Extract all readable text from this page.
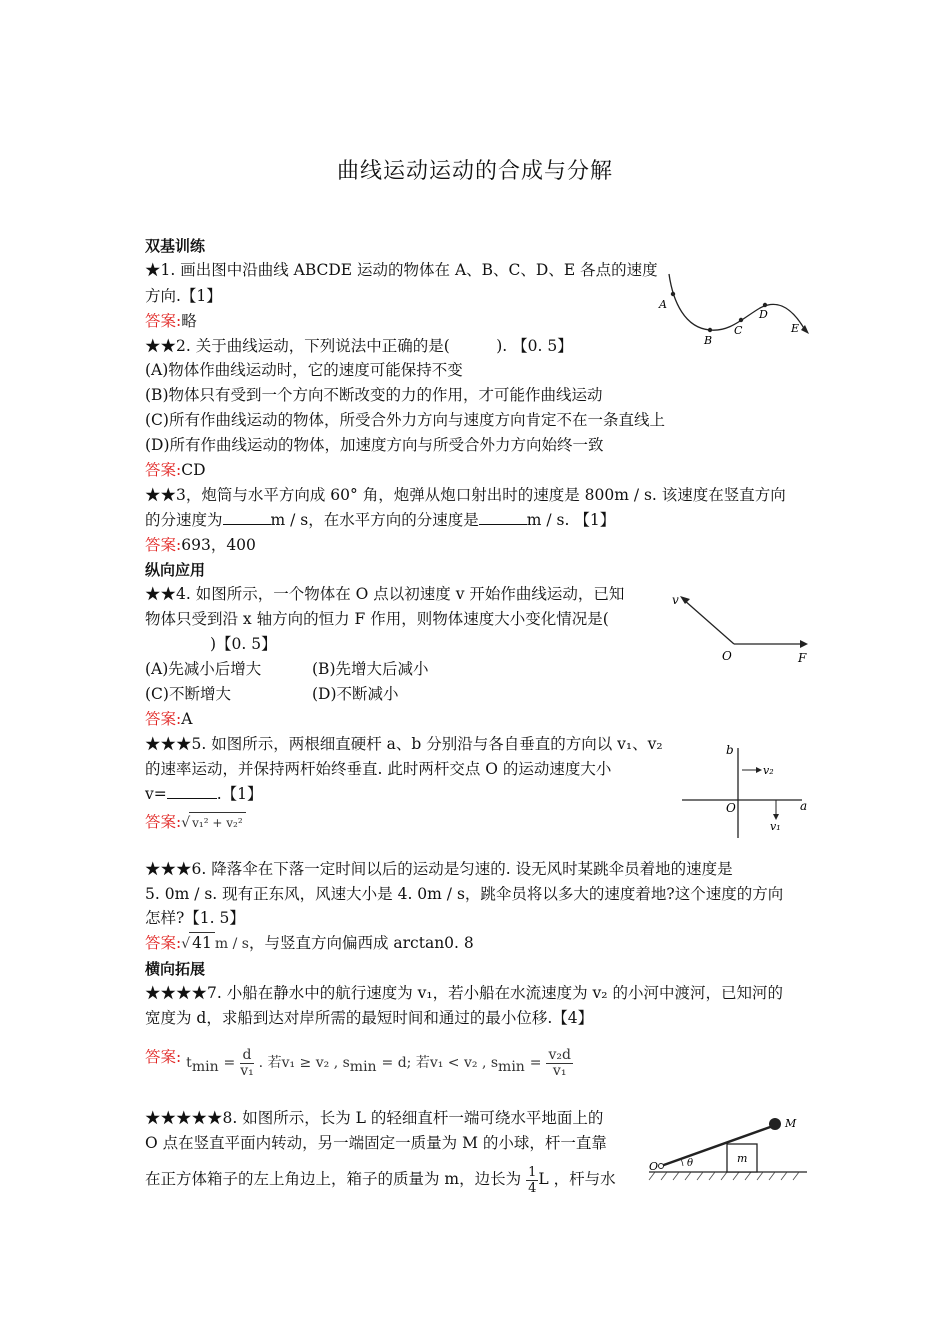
曲线运动运动的合成与分解
双基训练
★1. 画出图中沿曲线 ABCDE 运动的物体在 A、B、C、D、E 各点的速度
方向.【1】
答案:略
A
B
C
D
E
★★2. 关于曲线运动，下列说法中正确的是(　　　). 【0. 5】
(A)物体作曲线运动时，它的速度可能保持不变
(B)物体只有受到一个方向不断改变的力的作用，才可能作曲线运动
(C)所有作曲线运动的物体，所受合外力方向与速度方向肯定不在一条直线上
(D)所有作曲线运动的物体，加速度方向与所受合外力方向始终一致
答案:CD
★★3，炮筒与水平方向成 60° 角，炮弹从炮口射出时的速度是 800m / s. 该速度在竖直方向
的分速度为	m / s，在水平方向的分速度是	m / s. 【1】
答案:693，400
纵向应用
★★4. 如图所示，一个物体在 O 点以初速度 v 开始作曲线运动，已知
物体只受到沿 x 轴方向的恒力 F 作用，则物体速度大小变化情况是(
)【0. 5】
(A)先减小后增大	(B)先增大后减小
(C)不断增大	(D)不断减小
答案:A
v
O	F
★★★5. 如图所示，两根细直硬杆 a、b 分别沿与各自垂直的方向以 v₁、v₂
的速率运动，并保持两杆始终垂直. 此时两杆交点 O 的运动速度大小
v=	.【1】
答案:√ v₁² + v₂²
b
v₂
O	a
v₁
★★★6. 降落伞在下落一定时间以后的运动是匀速的. 设无风时某跳伞员着地的速度是
5. 0m / s. 现有正东风，风速大小是 4. 0m / s，跳伞员将以多大的速度着地?这个速度的方向
怎样?【1. 5】
答案:√ 41 m / s，与竖直方向偏西成 arctan0. 8
横向拓展
★★★★7. 小船在静水中的航行速度为 v₁，若小船在水流速度为 v₂ 的小河中渡河，已知河的
宽度为 d，求船到达对岸所需的最短时间和通过的最小位移.【4】
答案: $t_{min} = \frac{d}{\text{v₁}}$ . 若v₁ ≥ v₂ , $s_{min} = d$; 若v₁ < v₂ , $s_{min} = \frac{\text{v₂d}}{\text{v₁}}$
★★★★★8. 如图所示，长为 L 的轻细直杆一端可绕水平地面上的
O 点在竖直平面内转动，另一端固定一质量为 M 的小球，杆一直靠
在正方体箱子的左上角边上，箱子的质量为 m，边长为 $\frac{1}{4}$ L ，杆与水
M
m
O	θ
